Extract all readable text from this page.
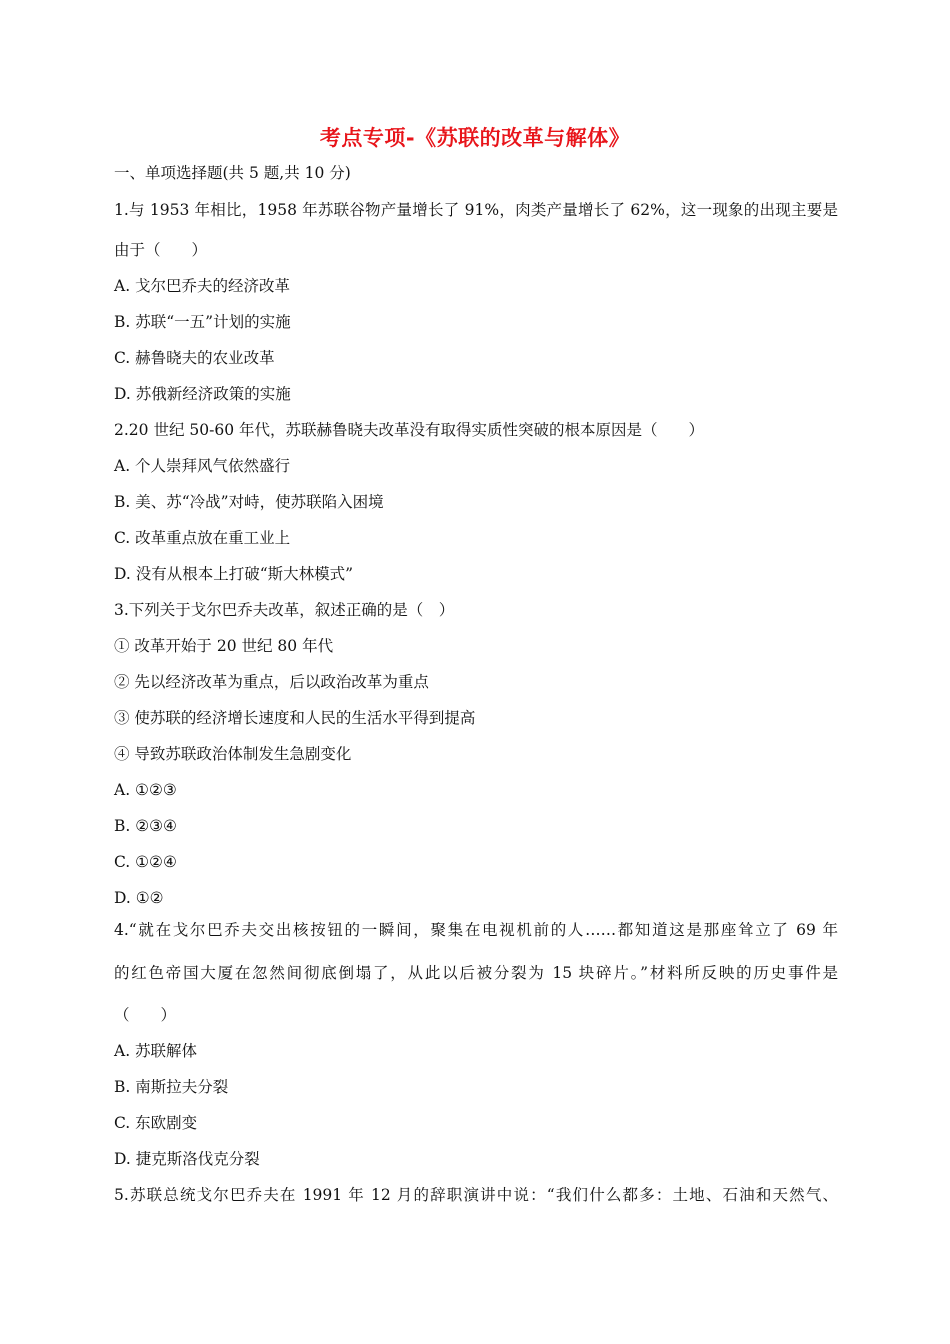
考点专项-《苏联的改革与解体》
一、单项选择题(共 5 题,共 10 分)
1.与 1953 年相比，1958 年苏联谷物产量增长了 91%，肉类产量增长了 62%，这一现象的出现主要是
由于（　　）
A. 戈尔巴乔夫的经济改革
B. 苏联“一五”计划的实施
C. 赫鲁晓夫的农业改革
D. 苏俄新经济政策的实施
2.20 世纪 50-60 年代，苏联赫鲁晓夫改革没有取得实质性突破的根本原因是（　　）
A. 个人崇拜风气依然盛行
B. 美、苏“冷战”对峙，使苏联陷入困境
C. 改革重点放在重工业上
D. 没有从根本上打破“斯大林模式”
3.下列关于戈尔巴乔夫改革，叙述正确的是（　）
① 改革开始于 20 世纪 80 年代
② 先以经济改革为重点，后以政治改革为重点
③ 使苏联的经济增长速度和人民的生活水平得到提高
④ 导致苏联政治体制发生急剧变化
A. ①②③
B. ②③④
C. ①②④
D. ①②
4.“就在戈尔巴乔夫交出核按钮的一瞬间，聚集在电视机前的人……都知道这是那座耸立了 69 年
的红色帝国大厦在忽然间彻底倒塌了，从此以后被分裂为 15 块碎片。”材料所反映的历史事件是
（　　）
A. 苏联解体
B. 南斯拉夫分裂
C. 东欧剧变
D. 捷克斯洛伐克分裂
5.苏联总统戈尔巴乔夫在 1991 年 12 月的辞职演讲中说：“我们什么都多：土地、石油和天然气、
